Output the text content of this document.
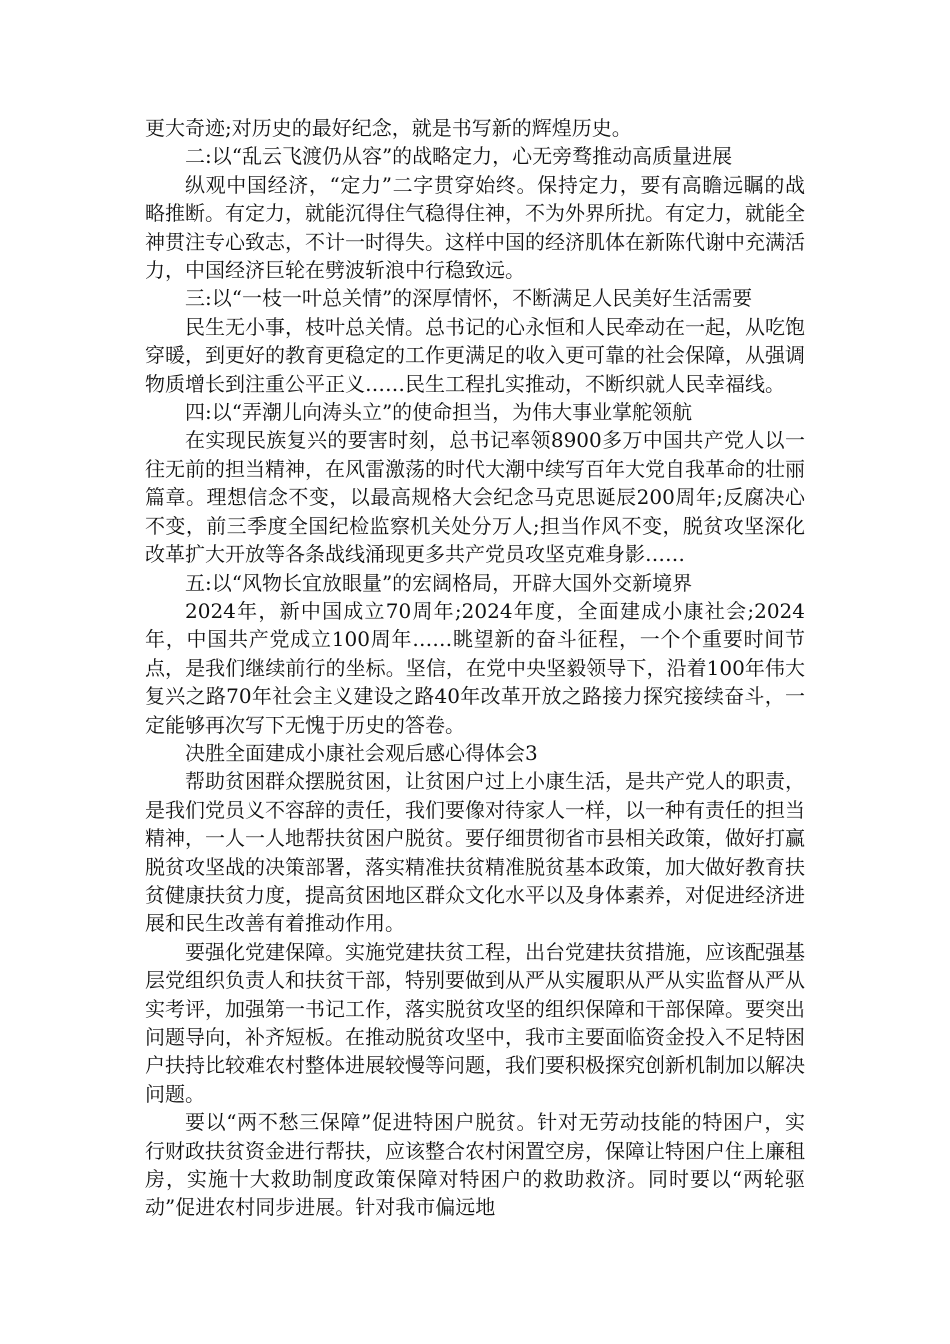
更大奇迹;对历史的最好纪念，就是书写新的辉煌历史。

二:以“乱云飞渡仍从容”的战略定力，心无旁骛推动高质量进展

纵观中国经济，“定力”二字贯穿始终。保持定力，要有高瞻远瞩的战略推断。有定力，就能沉得住气稳得住神，不为外界所扰。有定力，就能全神贯注专心致志，不计一时得失。这样中国的经济肌体在新陈代谢中充满活力，中国经济巨轮在劈波斩浪中行稳致远。

三:以“一枝一叶总关情”的深厚情怀，不断满足人民美好生活需要

民生无小事，枝叶总关情。总书记的心永恒和人民牵动在一起，从吃饱穿暖，到更好的教育更稳定的工作更满足的收入更可靠的社会保障，从强调物质增长到注重公平正义……民生工程扎实推动，不断织就人民幸福线。

四:以“弄潮儿向涛头立”的使命担当，为伟大事业掌舵领航

在实现民族复兴的要害时刻，总书记率领8900多万中国共产党人以一往无前的担当精神，在风雷激荡的时代大潮中续写百年大党自我革命的壮丽篇章。理想信念不变，以最高规格大会纪念马克思诞辰200周年;反腐决心不变，前三季度全国纪检监察机关处分万人;担当作风不变，脱贫攻坚深化改革扩大开放等各条战线涌现更多共产党员攻坚克难身影……

五:以“风物长宜放眼量”的宏阔格局，开辟大国外交新境界

2024年，新中国成立70周年;2024年度，全面建成小康社会;2024年，中国共产党成立100周年……眺望新的奋斗征程，一个个重要时间节点，是我们继续前行的坐标。坚信，在党中央坚毅领导下，沿着100年伟大复兴之路70年社会主义建设之路40年改革开放之路接力探究接续奋斗，一定能够再次写下无愧于历史的答卷。

决胜全面建成小康社会观后感心得体会3

帮助贫困群众摆脱贫困，让贫困户过上小康生活，是共产党人的职责，是我们党员义不容辞的责任，我们要像对待家人一样，以一种有责任的担当精神，一人一人地帮扶贫困户脱贫。要仔细贯彻省市县相关政策，做好打赢脱贫攻坚战的决策部署，落实精准扶贫精准脱贫基本政策，加大做好教育扶贫健康扶贫力度，提高贫困地区群众文化水平以及身体素养，对促进经济进展和民生改善有着推动作用。

要强化党建保障。实施党建扶贫工程，出台党建扶贫措施，应该配强基层党组织负责人和扶贫干部，特别要做到从严从实履职从严从实监督从严从实考评，加强第一书记工作，落实脱贫攻坚的组织保障和干部保障。要突出问题导向，补齐短板。在推动脱贫攻坚中，我市主要面临资金投入不足特困户扶持比较难农村整体进展较慢等问题，我们要积极探究创新机制加以解决问题。

要以“两不愁三保障”促进特困户脱贫。针对无劳动技能的特困户，实行财政扶贫资金进行帮扶，应该整合农村闲置空房，保障让特困户住上廉租房，实施十大救助制度政策保障对特困户的救助救济。同时要以“两轮驱动”促进农村同步进展。针对我市偏远地
